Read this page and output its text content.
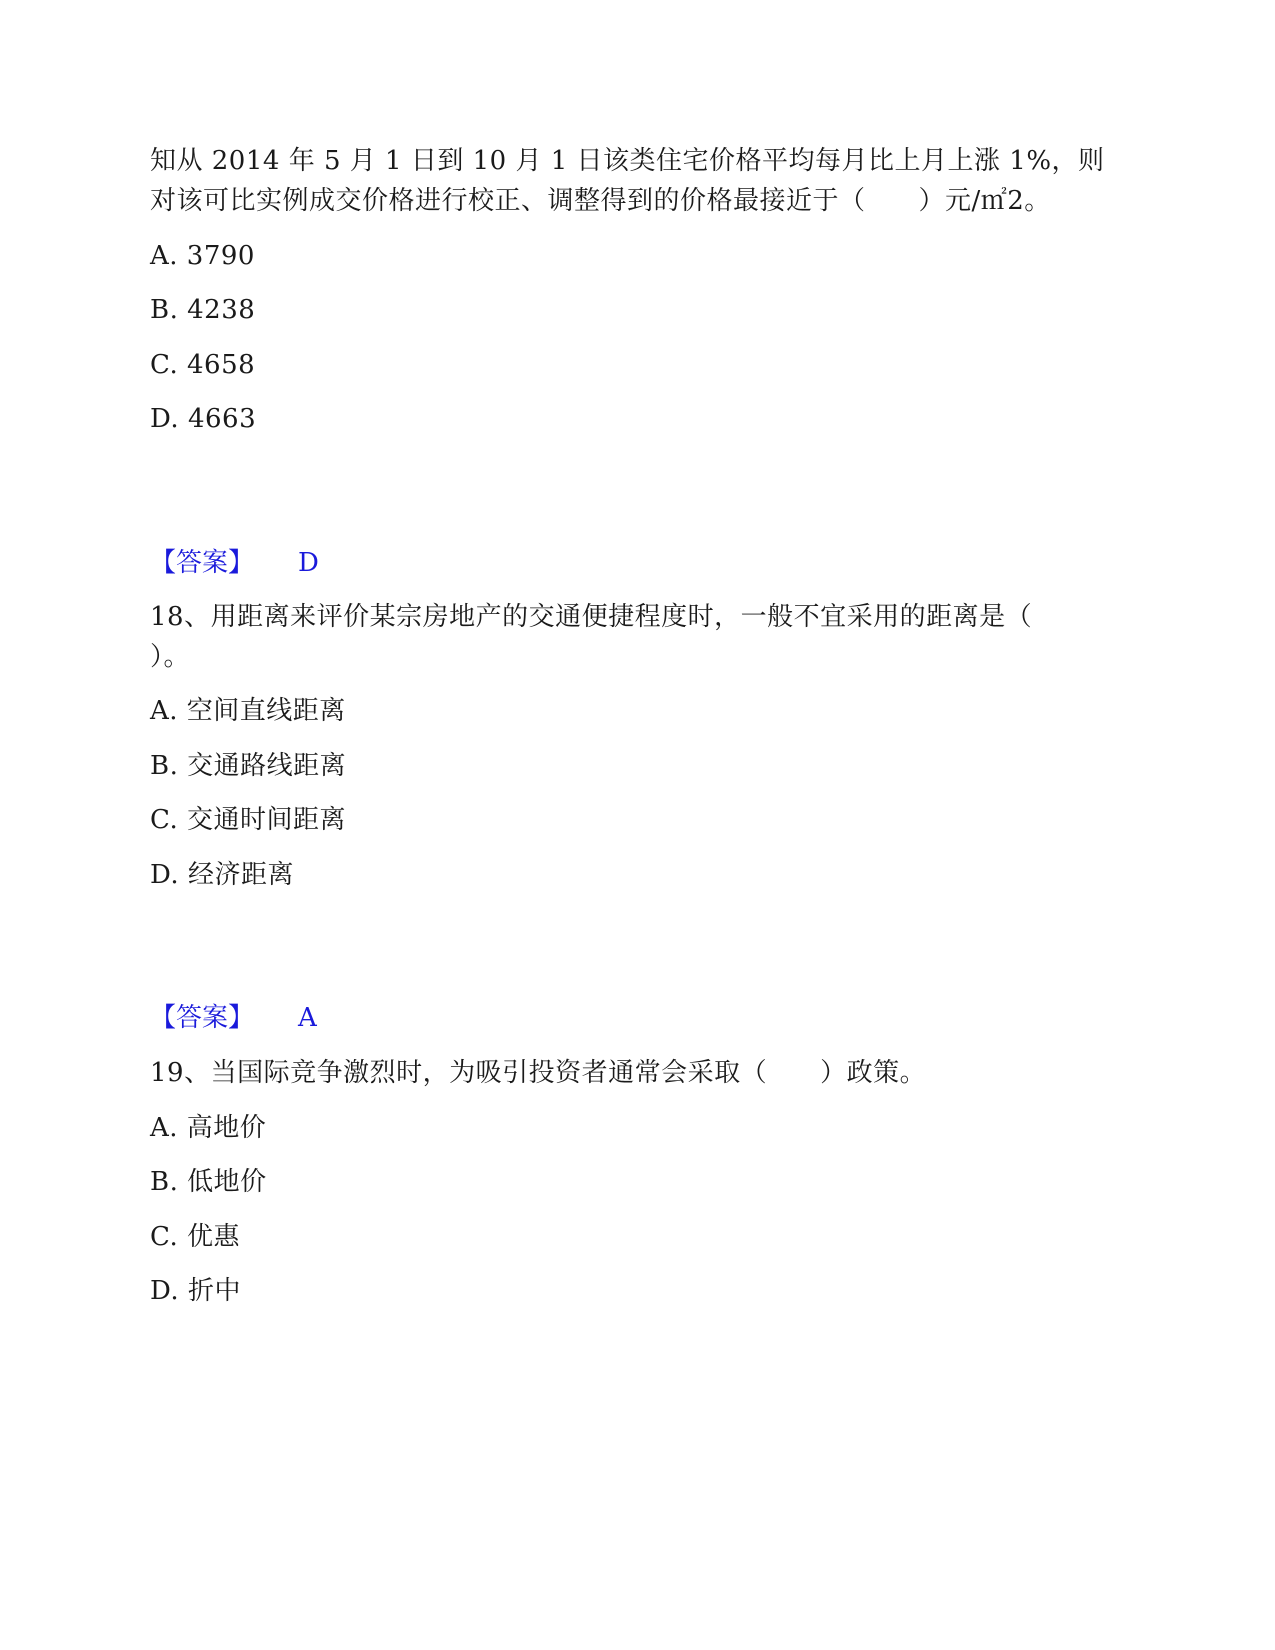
知从 2014 年 5 月 1 日到 10 月 1 日该类住宅价格平均每月比上月上涨 1%，则
对该可比实例成交价格进行校正、调整得到的价格最接近于（　　）元/㎡2。
A. 3790
B. 4238
C. 4658
D. 4663
【答案】 D
18、用距离来评价某宗房地产的交通便捷程度时，一般不宜采用的距离是（
）。
A. 空间直线距离
B. 交通路线距离
C. 交通时间距离
D. 经济距离
【答案】 A
19、当国际竞争激烈时，为吸引投资者通常会采取（　　）政策。
A. 高地价
B. 低地价
C. 优惠
D. 折中
